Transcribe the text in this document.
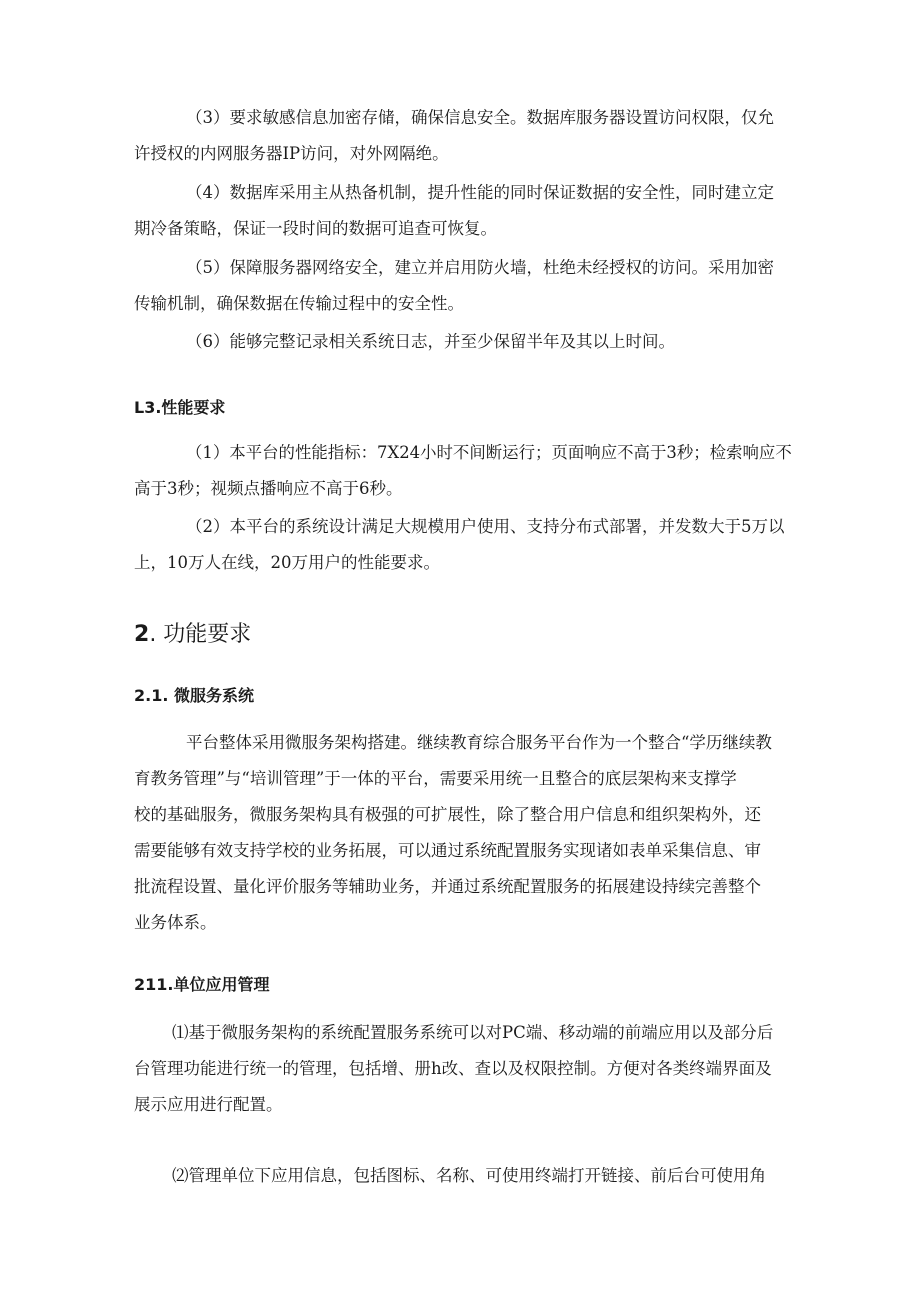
（3）要求敏感信息加密存储，确保信息安全。数据库服务器设置访问权限，仅允
许授权的内网服务器IP访问，对外网隔绝。
（4）数据库采用主从热备机制，提升性能的同时保证数据的安全性，同时建立定
期冷备策略，保证一段时间的数据可追查可恢复。
（5）保障服务器网络安全，建立并启用防火墙，杜绝未经授权的访问。采用加密
传输机制，确保数据在传输过程中的安全性。
（6）能够完整记录相关系统日志，并至少保留半年及其以上时间。
L3.性能要求
（1）本平台的性能指标：7X24小时不间断运行；页面响应不高于3秒；检索响应不
高于3秒；视频点播响应不高于6秒。
（2）本平台的系统设计满足大规模用户使用、支持分布式部署，并发数大于5万以
上，10万人在线，20万用户的性能要求。
2. 功能要求
2.1. 微服务系统
平台整体采用微服务架构搭建。继续教育综合服务平台作为一个整合“学历继续教
育教务管理”与“培训管理”于一体的平台，需要采用统一且整合的底层架构来支撑学
校的基础服务，微服务架构具有极强的可扩展性，除了整合用户信息和组织架构外，还
需要能够有效支持学校的业务拓展，可以通过系统配置服务实现诸如表单采集信息、审
批流程设置、量化评价服务等辅助业务，并通过系统配置服务的拓展建设持续完善整个
业务体系。
211.单位应用管理
⑴基于微服务架构的系统配置服务系统可以对PC端、移动端的前端应用以及部分后
台管理功能进行统一的管理，包括增、册h改、查以及权限控制。方便对各类终端界面及
展示应用进行配置。
⑵管理单位下应用信息，包括图标、名称、可使用终端打开链接、前后台可使用角
